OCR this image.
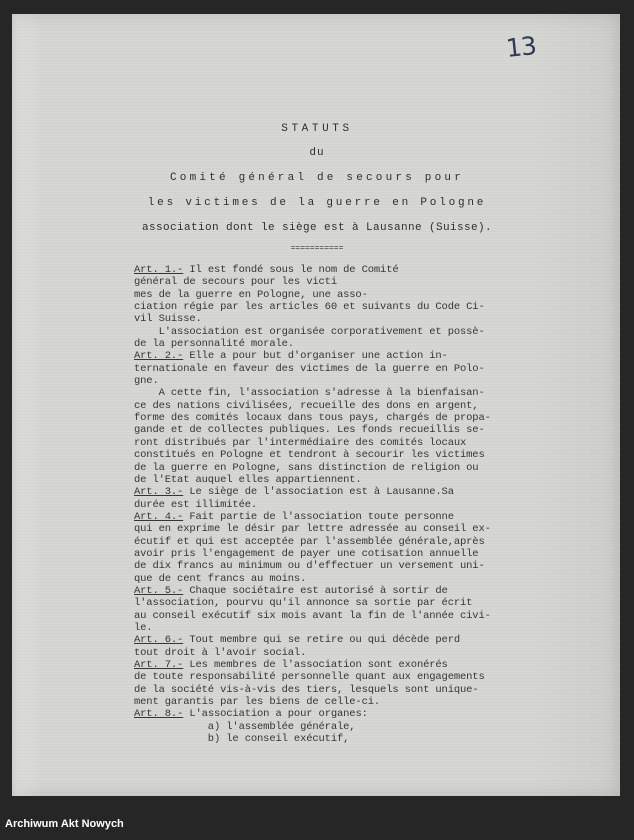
13
STATUTS
du
Comité général de secours pour
les victimes de la guerre en Pologne
association dont le siège est à Lausanne (Suisse).
===========
Art. 1.- Il est fondé sous le nom de Comité
général de secours pour les victi
mes de la guerre en Pologne, une asso-
ciation régie par les articles 60 et suivants du Code Ci-
vil Suisse.
L'association est organisée corporativement et possè-
de la personnalité morale.
Art. 2.- Elle a pour but d'organiser une action in-
ternationale en faveur des victimes de la guerre en Polo-
gne.
A cette fin, l'association s'adresse à la bienfaisan-
ce des nations civilisées, recueille des dons en argent,
forme des comités locaux dans tous pays, chargés de propa-
gande et de collectes publiques. Les fonds recueillis se-
ront distribués par l'intermédiaire des comités locaux
constitués en Pologne et tendront à secourir les victimes
de la guerre en Pologne, sans distinction de religion ou
de l'Etat auquel elles appartiennent.
Art. 3.- Le siège de l'association est à Lausanne.Sa
durée est illimitée.
Art. 4.- Fait partie de l'association toute personne
qui en exprime le désir par lettre adressée au conseil ex-
écutif et qui est acceptée par l'assemblée générale,après
avoir pris l'engagement de payer une cotisation annuelle
de dix francs au minimum ou d'effectuer un versement uni-
que de cent francs au moins.
Art. 5.- Chaque sociétaire est autorisé à sortir de
l'association, pourvu qu'il annonce sa sortie par écrit
au conseil exécutif six mois avant la fin de l'année civi-
le.
Art. 6.- Tout membre qui se retire ou qui décède perd
tout droit à l'avoir social.
Art. 7.- Les membres de l'association sont exonérés
de toute responsabilité personnelle quant aux engagements
de la société vis-à-vis des tiers, lesquels sont unique-
ment garantis par les biens de celle-ci.
Art. 8.- L'association a pour organes:
a) l'assemblée générale,
b) le conseil exécutif,
Archiwum Akt Nowych
